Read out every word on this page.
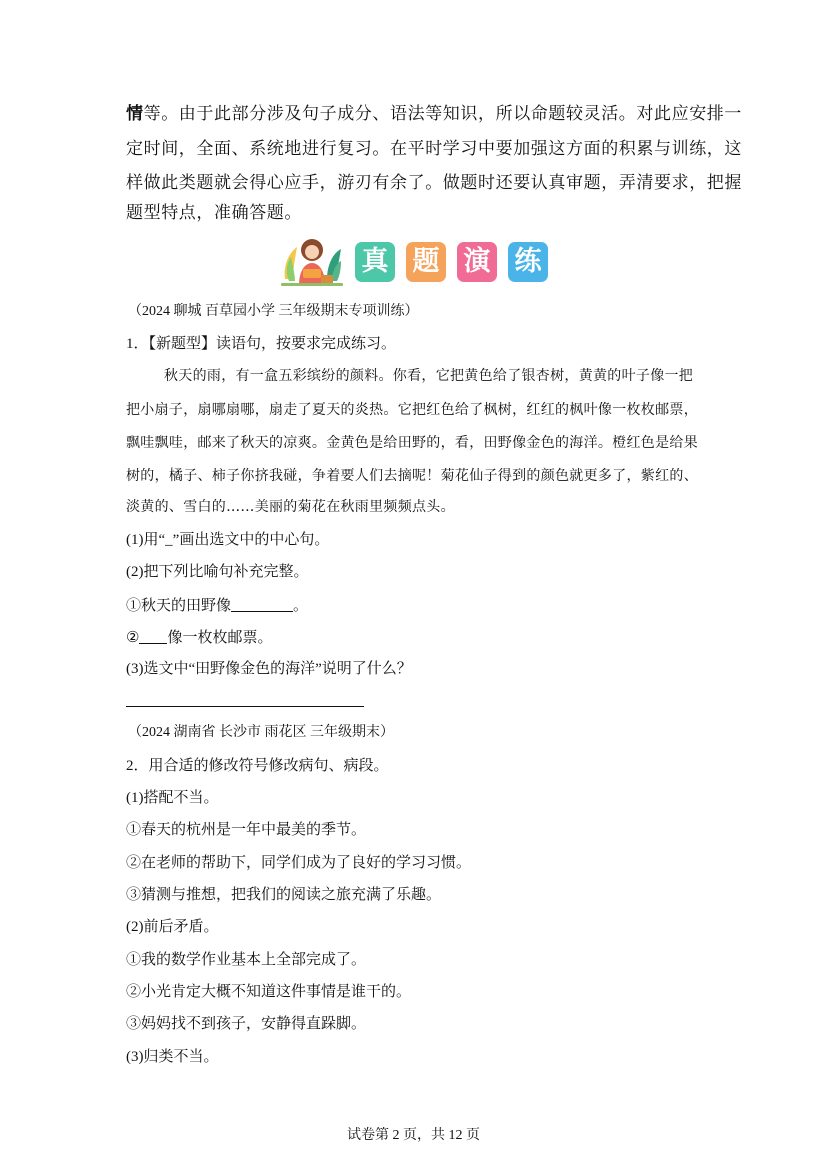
情等。由于此部分涉及句子成分、语法等知识，所以命题较灵活。对此应安排一
定时间，全面、系统地进行复习。在平时学习中要加强这方面的积累与训练，这
样做此类题就会得心应手，游刃有余了。做题时还要认真审题，弄清要求，把握
题型特点，准确答题。
真 题 演 练
（2024 聊城 百草园小学 三年级期末专项训练）
1．【新题型】读语句，按要求完成练习。
秋天的雨，有一盒五彩缤纷的颜料。你看，它把黄色给了银杏树，黄黄的叶子像一把
把小扇子，扇哪扇哪，扇走了夏天的炎热。它把红色给了枫树，红红的枫叶像一枚枚邮票，
飘哇飘哇，邮来了秋天的凉爽。金黄色是给田野的，看，田野像金色的海洋。橙红色是给果
树的，橘子、柿子你挤我碰，争着要人们去摘呢！菊花仙子得到的颜色就更多了，紫红的、
淡黄的、雪白的……美丽的菊花在秋雨里频频点头。
(1)用“_”画出选文中的中心句。
(2)把下列比喻句补充完整。
①秋天的田野像	。
② 像一枚枚邮票。
(3)选文中“田野像金色的海洋”说明了什么？
（2024 湖南省 长沙市 雨花区 三年级期末）
2．用合适的修改符号修改病句、病段。
(1)搭配不当。
①春天的杭州是一年中最美的季节。
②在老师的帮助下，同学们成为了良好的学习习惯。
③猜测与推想，把我们的阅读之旅充满了乐趣。
(2)前后矛盾。
①我的数学作业基本上全部完成了。
②小光肯定大概不知道这件事情是谁干的。
③妈妈找不到孩子，安静得直跺脚。
(3)归类不当。
试卷第 2 页，共 12 页
